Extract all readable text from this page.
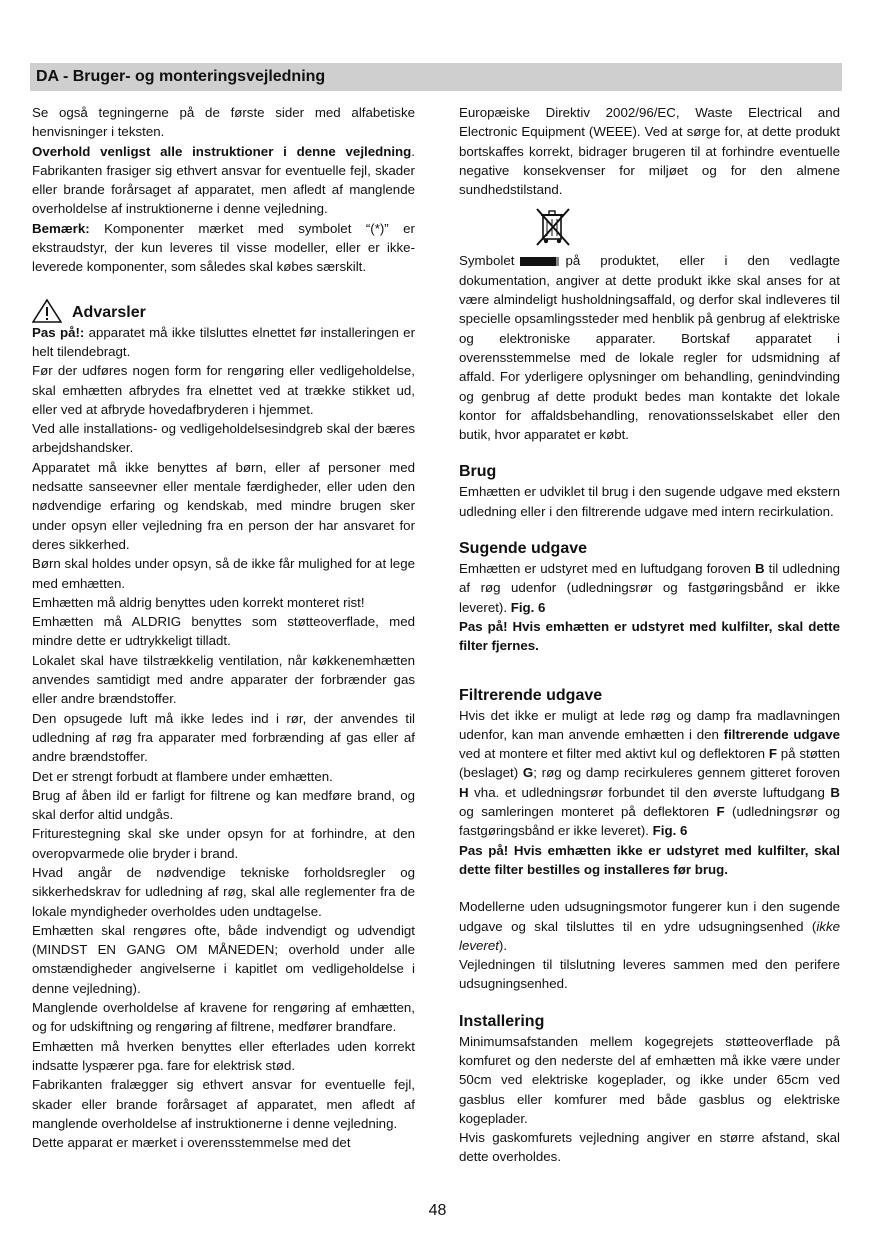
DA - Bruger- og monteringsvejledning

Se også tegningerne på de første sider med alfabetiske henvisninger i teksten.

Overhold venligst alle instruktioner i denne vejledning. Fabrikanten frasiger sig ethvert ansvar for eventuelle fejl, skader eller brande forårsaget af apparatet, men afledt af manglende overholdelse af instruktionerne i denne vejledning.

Bemærk: Komponenter mærket med symbolet “(*)” er ekstraudstyr, der kun leveres til visse modeller, eller er ikke-leverede komponenter, som således skal købes særskilt.

Advarsler

Pas på!: apparatet må ikke tilsluttes elnettet før installeringen er helt tilendebragt.

Før der udføres nogen form for rengøring eller vedligeholdelse, skal emhætten afbrydes fra elnettet ved at trække stikket ud, eller ved at afbryde hovedafbryderen i hjemmet.

Ved alle installations- og vedligeholdelsesindgreb skal der bæres arbejdshandsker.

Apparatet må ikke benyttes af børn, eller af personer med nedsatte sanseevner eller mentale færdigheder, eller uden den nødvendige erfaring og kendskab, med mindre brugen sker under opsyn eller vejledning fra en person der har ansvaret for deres sikkerhed.

Børn skal holdes under opsyn, så de ikke får mulighed for at lege med emhætten.

Emhætten må aldrig benyttes uden korrekt monteret rist!

Emhætten må ALDRIG benyttes som støtteoverflade, med mindre dette er udtrykkeligt tilladt.

Lokalet skal have tilstrækkelig ventilation, når køkkenemhætten anvendes samtidigt med andre apparater der forbrænder gas eller andre brændstoffer.

Den opsugede luft må ikke ledes ind i rør, der anvendes til udledning af røg fra apparater med forbrænding af gas eller af andre brændstoffer.

Det er strengt forbudt at flambere under emhætten.

Brug af åben ild er farligt for filtrene og kan medføre brand, og skal derfor altid undgås.

Friturestegning skal ske under opsyn for at forhindre, at den overopvarmede olie bryder i brand.

Hvad angår de nødvendige tekniske forholdsregler og sikkerhedskrav for udledning af røg, skal alle reglementer fra de lokale myndigheder overholdes uden undtagelse.

Emhætten skal rengøres ofte, både indvendigt og udvendigt (MINDST EN GANG OM MÅNEDEN; overhold under alle omstændigheder angivelserne i kapitlet om vedligeholdelse i denne vejledning).

Manglende overholdelse af kravene for rengøring af emhætten, og for udskiftning og rengøring af filtrene, medfører brandfare.

Emhætten må hverken benyttes eller efterlades uden korrekt indsatte lyspærer pga. fare for elektrisk stød.

Fabrikanten fralægger sig ethvert ansvar for eventuelle fejl, skader eller brande forårsaget af apparatet, men afledt af manglende overholdelse af instruktionerne i denne vejledning.

Dette apparat er mærket i overensstemmelse med det

Europæiske Direktiv 2002/96/EC, Waste Electrical and Electronic Equipment (WEEE). Ved at sørge for, at dette produkt bortskaffes korrekt, bidrager brugeren til at forhindre eventuelle negative konsekvenser for miljøet og for den almene sundhedstilstand.

Symbolet	på produktet, eller i den vedlagte dokumentation, angiver at dette produkt ikke skal anses for at være almindeligt husholdningsaffald, og derfor skal indleveres til specielle opsamlingssteder med henblik på genbrug af elektriske og elektroniske apparater. Bortskaf apparatet i overensstemmelse med de lokale regler for udsmidning af affald. For yderligere oplysninger om behandling, genindvinding og genbrug af dette produkt bedes man kontakte det lokale kontor for affaldsbehandling, renovationsselskabet eller den butik, hvor apparatet er købt.

Brug

Emhætten er udviklet til brug i den sugende udgave med ekstern udledning eller i den filtrerende udgave med intern recirkulation.

Sugende udgave

Emhætten er udstyret med en luftudgang foroven B til udledning af røg udenfor (udledningsrør og fastgøringsbånd er ikke leveret). Fig. 6

Pas på! Hvis emhætten er udstyret med kulfilter, skal dette filter fjernes.

Filtrerende udgave

Hvis det ikke er muligt at lede røg og damp fra madlavningen udenfor, kan man anvende emhætten i den filtrerende udgave ved at montere et filter med aktivt kul og deflektoren F på støtten (beslaget) G; røg og damp recirkuleres gennem gitteret foroven H vha. et udledningsrør forbundet til den øverste luftudgang B og samleringen monteret på deflektoren F (udledningsrør og fastgøringsbånd er ikke leveret). Fig. 6

Pas på! Hvis emhætten ikke er udstyret med kulfilter, skal dette filter bestilles og installeres før brug.

Modellerne uden udsugningsmotor fungerer kun i den sugende udgave og skal tilsluttes til en ydre udsugningsenhed (ikke leveret).

Vejledningen til tilslutning leveres sammen med den perifere udsugningsenhed.

Installering

Minimumsafstanden mellem kogegrejets støtteoverflade på komfuret og den nederste del af emhætten må ikke være under 50cm ved elektriske kogeplader, og ikke under 65cm ved gasblus eller komfurer med både gasblus og elektriske kogeplader.

Hvis gaskomfurets vejledning angiver en større afstand, skal dette overholdes.

48
